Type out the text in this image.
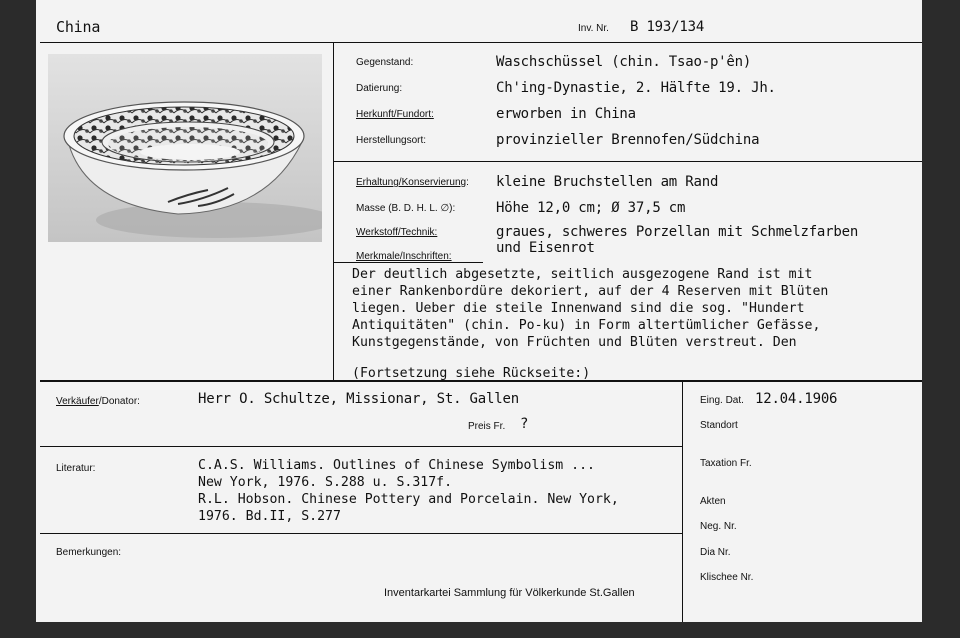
China	Inv. Nr. B 193/134
Gegenstand:	Waschschüssel (chin. Tsao-p'ên)
Datierung:	Ch'ing-Dynastie, 2. Hälfte 19. Jh.
Herkunft/Fundort:	erworben in China
Herstellungsort:	provinzieller Brennofen/Südchina
Erhaltung/Konservierung: kleine Bruchstellen am Rand
Masse (B. D. H. L. ∅):	Höhe 12,0 cm; Ø 37,5 cm
Werkstoff/Technik:	graues, schweres Porzellan mit Schmelzfarben
und Eisenrot
Merkmale/Inschriften:
Der deutlich abgesetzte, seitlich ausgezogene Rand ist mit
einer Rankenbordüre dekoriert, auf der 4 Reserven mit Blüten
liegen. Ueber die steile Innenwand sind die sog. "Hundert
Antiquitäten" (chin. Po-ku) in Form altertümlicher Gefässe,
Kunstgegenstände, von Früchten und Blüten verstreut. Den
(Fortsetzung siehe Rückseite:)
Verkäufer/Donator:	Herr O. Schultze, Missionar, St. Gallen
Preis Fr. ?
Literatur:	C.A.S. Williams. Outlines of Chinese Symbolism ...
New York, 1976. S.288 u. S.317f.
R.L. Hobson. Chinese Pottery and Porcelain. New York,
1976. Bd.II, S.277
Bemerkungen:
Inventarkartei Sammlung für Völkerkunde St.Gallen
Eing. Dat. 12.04.1906
Standort
Taxation Fr.
Akten
Neg. Nr.
Dia Nr.
Klischee Nr.
